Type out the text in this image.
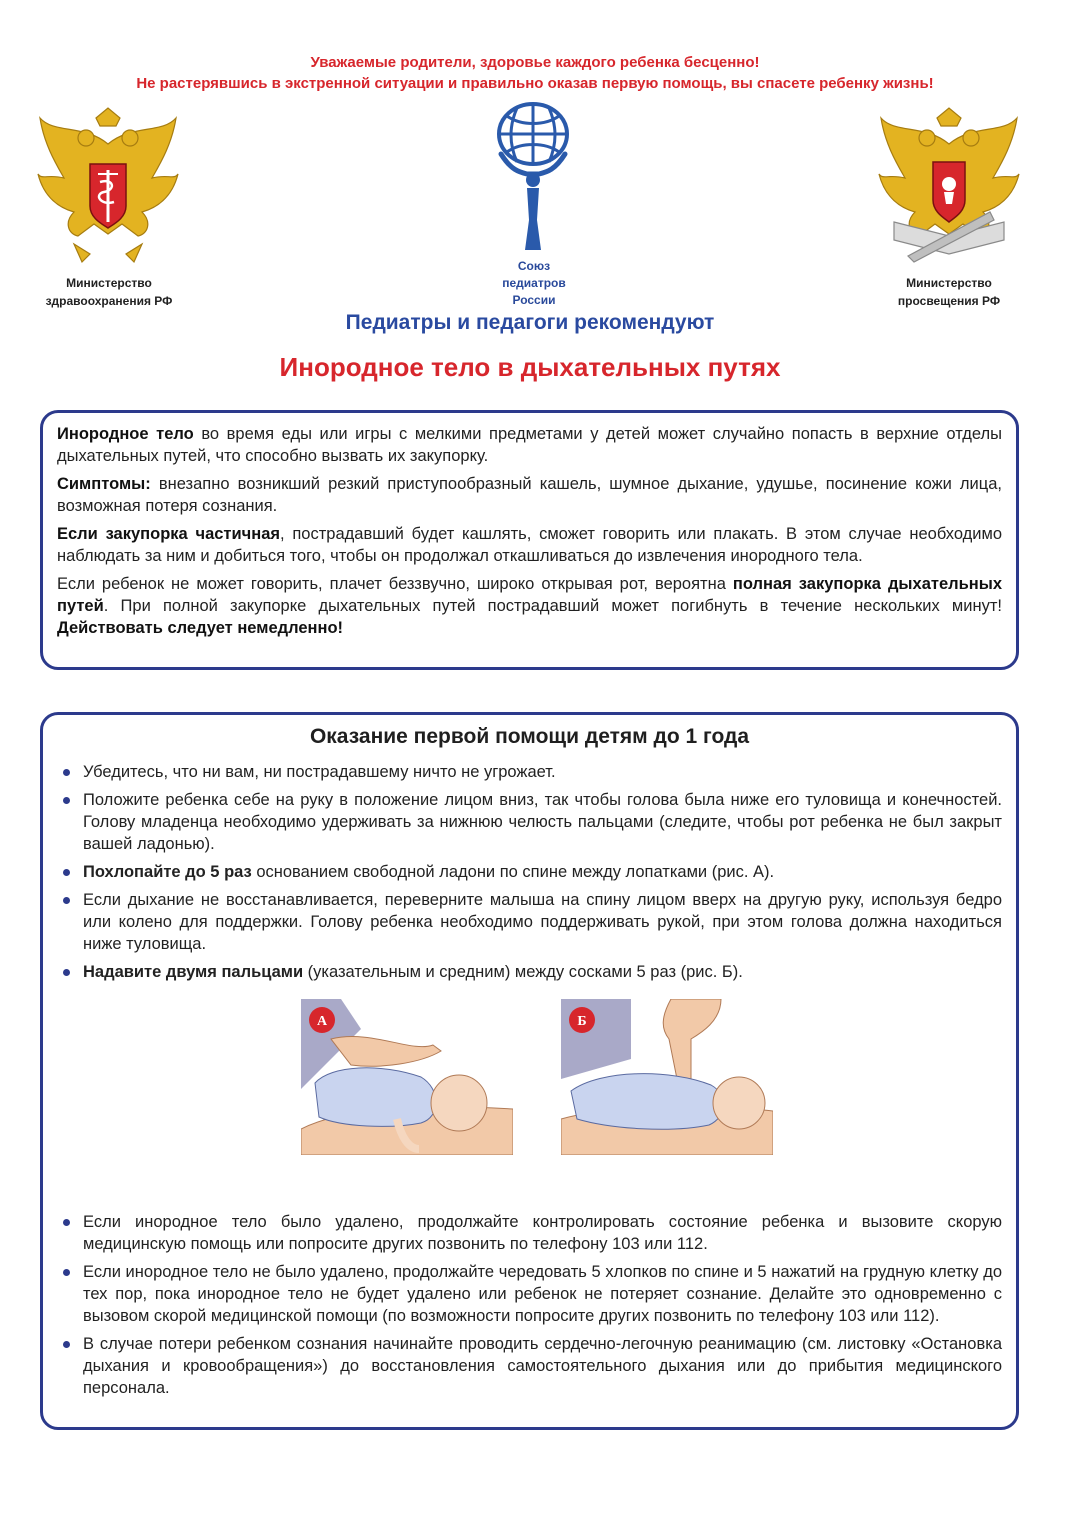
Уважаемые родители, здоровье каждого ребенка бесценно!
Не растерявшись в экстренной ситуации и правильно оказав первую помощь, вы спасете ребенку жизнь!
Министерство
здравоохранения РФ
Союз
педиатров
России
Министерство
просвещения РФ
Педиатры и педагоги рекомендуют
Инородное тело в дыхательных путях

Инородное тело во время еды или игры с мелкими предметами у детей может случайно попасть в верхние отделы дыхательных путей, что способно вызвать их закупорку.

Симптомы: внезапно возникший резкий приступообразный кашель, шумное дыхание, удушье, посинение кожи лица, возможная потеря сознания.

Если закупорка частичная, пострадавший будет кашлять, сможет говорить или плакать. В этом случае необходимо наблюдать за ним и добиться того, чтобы он продолжал откашливаться до извлечения инородного тела.

Если ребенок не может говорить, плачет беззвучно, широко открывая рот, вероятна полная закупорка дыхательных путей. При полной закупорке дыхательных путей пострадавший может погибнуть в течение нескольких минут! Действовать следует немедленно!

Оказание первой помощи детям до 1 года
Убедитесь, что ни вам, ни пострадавшему ничто не угрожает.
Положите ребенка себе на руку в положение лицом вниз, так чтобы голова была ниже его туловища и конечностей. Голову младенца необходимо удерживать за нижнюю челюсть пальцами (следите, чтобы рот ребенка не был закрыт вашей ладонью).
Похлопайте до 5 раз основанием свободной ладони по спине между лопатками (рис. А).
Если дыхание не восстанавливается, переверните малыша на спину лицом вверх на другую руку, используя бедро или колено для поддержки. Голову ребенка необходимо поддерживать рукой, при этом голова должна находиться ниже туловища.
Надавите двумя пальцами (указательным и средним) между сосками 5 раз (рис. Б).
А	Б
Если инородное тело было удалено, продолжайте контролировать состояние ребенка и вызовите скорую медицинскую помощь или попросите других позвонить по телефону 103 или 112.
Если инородное тело не было удалено, продолжайте чередовать 5 хлопков по спине и 5 нажатий на грудную клетку до тех пор, пока инородное тело не будет удалено или ребенок не потеряет сознание. Делайте это одновременно с вызовом скорой медицинской помощи (по возможности попросите других позвонить по телефону 103 или 112).
В случае потери ребенком сознания начинайте проводить сердечно-легочную реанимацию (см. листовку «Остановка дыхания и кровообращения») до восстановления самостоятельного дыхания или до прибытия медицинского персонала.
